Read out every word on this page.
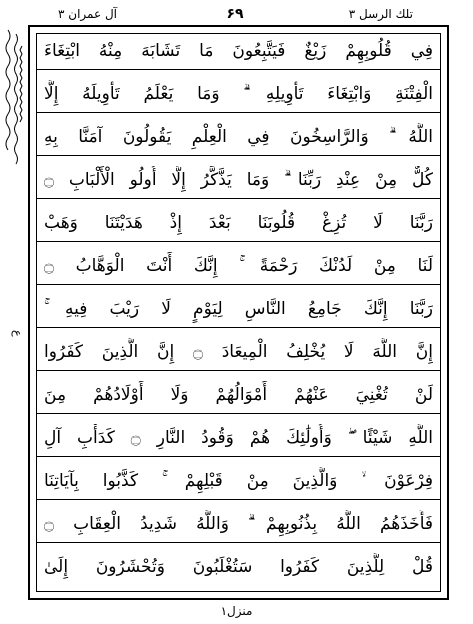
آل عمران ۳	۶۹	تلك الرسل ۳
ع
فِي قُلُوبِهِمْ زَيْغٌ فَيَتَّبِعُونَ مَا تَشَابَهَ مِنْهُ ابْتِغَاءَ
الْفِتْنَةِ وَابْتِغَاءَ تَأْوِيلِهِ ۗ وَمَا يَعْلَمُ تَأْوِيلَهُ إِلَّا
اللَّهُ ۗ وَالرَّاسِخُونَ فِي الْعِلْمِ يَقُولُونَ آمَنَّا بِهِ
كُلٌّ مِنْ عِنْدِ رَبِّنَا ۗ وَمَا يَذَّكَّرُ إِلَّا أُولُو الْأَلْبَابِ ۝
رَبَّنَا لَا تُزِغْ قُلُوبَنَا بَعْدَ إِذْ هَدَيْتَنَا وَهَبْ
لَنَا مِنْ لَدُنْكَ رَحْمَةً ۚ إِنَّكَ أَنْتَ الْوَهَّابُ ۝
رَبَّنَا إِنَّكَ جَامِعُ النَّاسِ لِيَوْمٍ لَا رَيْبَ فِيهِ ۚ
إِنَّ اللَّهَ لَا يُخْلِفُ الْمِيعَادَ ۝ إِنَّ الَّذِينَ كَفَرُوا
لَنْ تُغْنِيَ عَنْهُمْ أَمْوَالُهُمْ وَلَا أَوْلَادُهُمْ مِنَ
اللَّهِ شَيْئًا ۖ وَأُولَٰئِكَ هُمْ وَقُودُ النَّارِ ۝ كَدَأْبِ آلِ
فِرْعَوْنَ ۙ وَالَّذِينَ مِنْ قَبْلِهِمْ ۚ كَذَّبُوا بِآيَاتِنَا
فَأَخَذَهُمُ اللَّهُ بِذُنُوبِهِمْ ۗ وَاللَّهُ شَدِيدُ الْعِقَابِ ۝
قُلْ لِلَّذِينَ كَفَرُوا سَتُغْلَبُونَ وَتُحْشَرُونَ إِلَىٰ
منزل۱
